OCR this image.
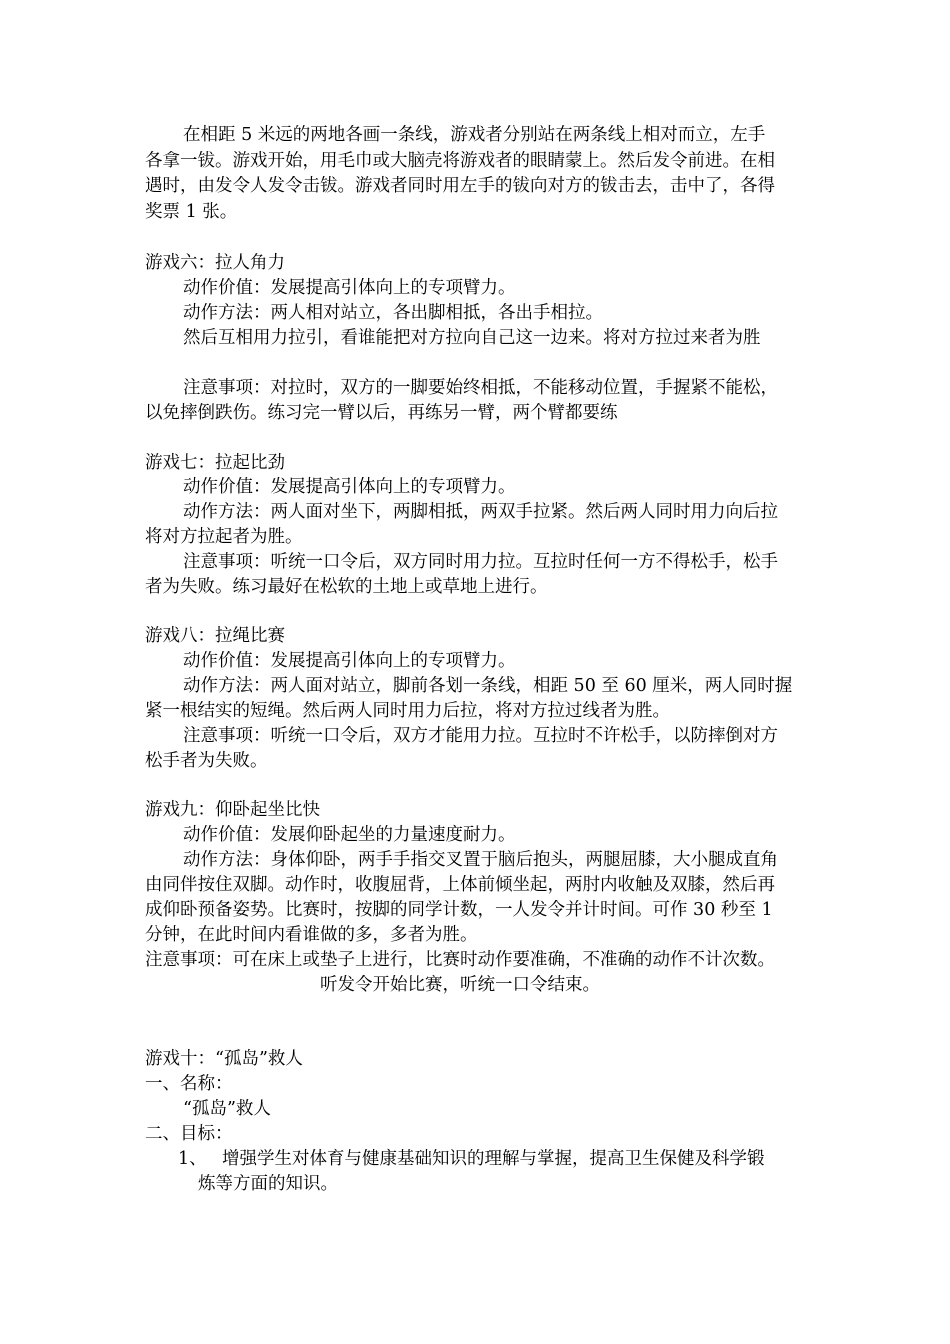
在相距 5 米远的两地各画一条线，游戏者分别站在两条线上相对而立，左手
各拿一钹。游戏开始，用毛巾或大脑壳将游戏者的眼睛蒙上。然后发令前进。在相
遇时，由发令人发令击钹。游戏者同时用左手的钹向对方的钹击去，击中了，各得
奖票 1 张。
游戏六：拉人角力
动作价值：发展提高引体向上的专项臂力。
动作方法：两人相对站立，各出脚相抵，各出手相拉。
然后互相用力拉引，看谁能把对方拉向自己这一边来。将对方拉过来者为胜
注意事项：对拉时，双方的一脚要始终相抵，不能移动位置，手握紧不能松，
以免摔倒跌伤。练习完一臂以后，再练另一臂，两个臂都要练
游戏七：拉起比劲
动作价值：发展提高引体向上的专项臂力。
动作方法：两人面对坐下，两脚相抵，两双手拉紧。然后两人同时用力向后拉
将对方拉起者为胜。
注意事项：听统一口令后，双方同时用力拉。互拉时任何一方不得松手，松手
者为失败。练习最好在松软的土地上或草地上进行。
游戏八：拉绳比赛
动作价值：发展提高引体向上的专项臂力。
动作方法：两人面对站立，脚前各划一条线，相距 50 至 60 厘米，两人同时握
紧一根结实的短绳。然后两人同时用力后拉，将对方拉过线者为胜。
注意事项：听统一口令后，双方才能用力拉。互拉时不许松手，以防摔倒对方
松手者为失败。
游戏九：仰卧起坐比快
动作价值：发展仰卧起坐的力量速度耐力。
动作方法：身体仰卧，两手手指交叉置于脑后抱头，两腿屈膝，大小腿成直角
由同伴按住双脚。动作时，收腹屈背，上体前倾坐起，两肘内收触及双膝，然后再
成仰卧预备姿势。比赛时，按脚的同学计数，一人发令并计时间。可作 30 秒至 1
分钟，在此时间内看谁做的多，多者为胜。
注意事项：可在床上或垫子上进行，比赛时动作要准确，不准确的动作不计次数。
听发令开始比赛，听统一口令结束。
游戏十：“孤岛”救人
一、名称：
“孤岛”救人
二、目标：
1、 增强学生对体育与健康基础知识的理解与掌握，提高卫生保健及科学锻
炼等方面的知识。
